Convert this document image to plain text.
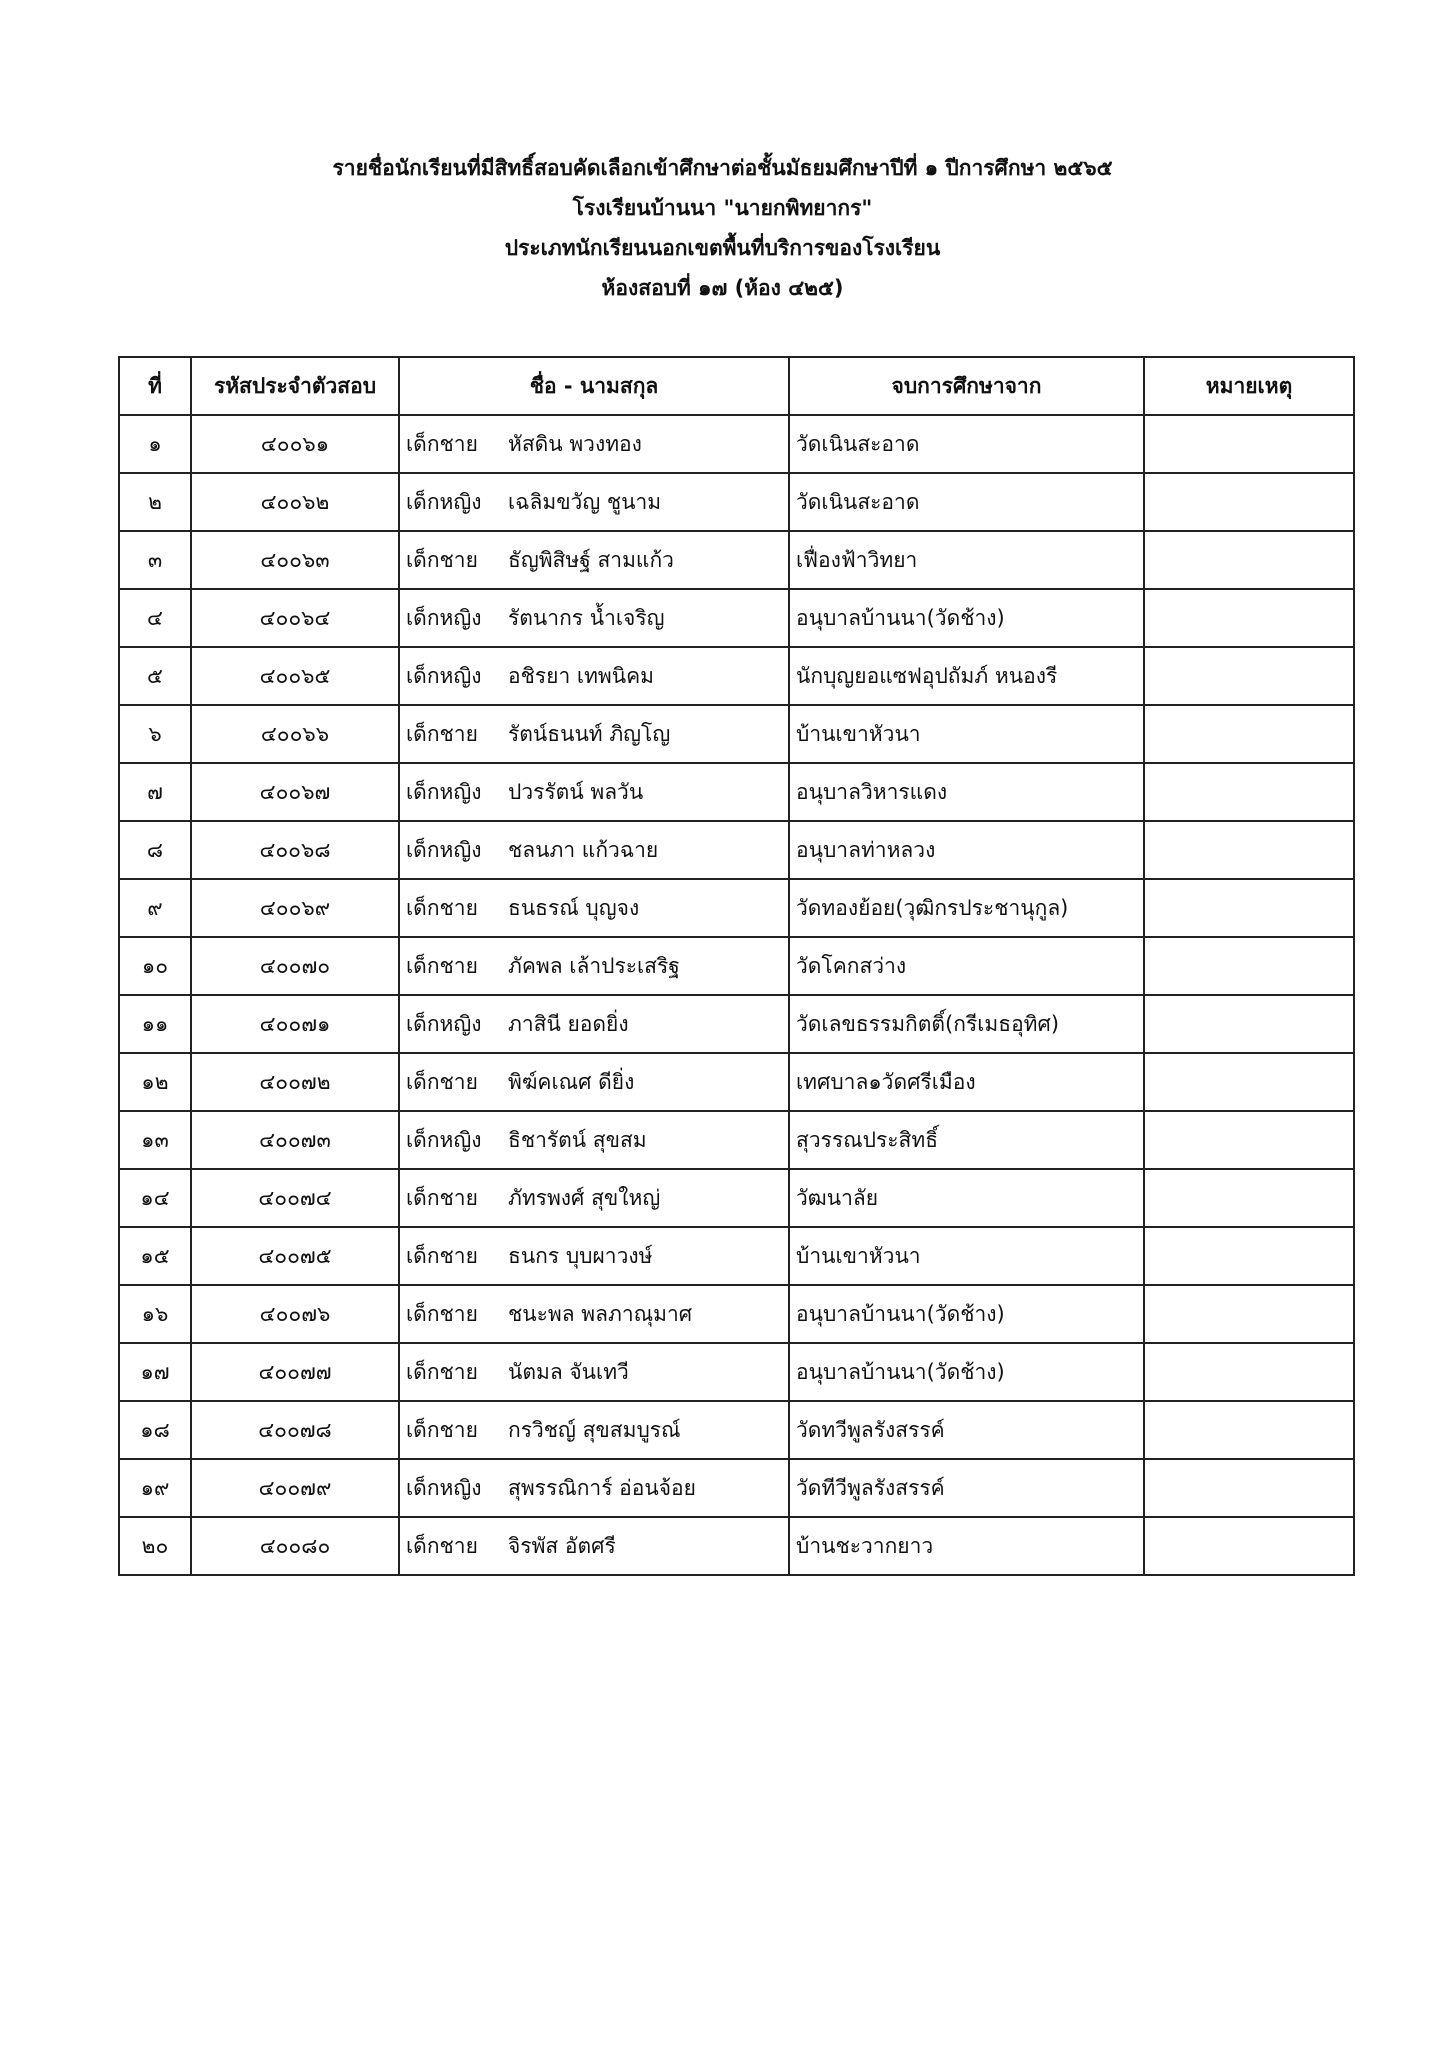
รายชื่อนักเรียนที่มีสิทธิ์สอบคัดเลือกเข้าศึกษาต่อชั้นมัธยมศึกษาปีที่ ๑ ปีการศึกษา ๒๕๖๕
โรงเรียนบ้านนา "นายกพิทยากร"
ประเภทนักเรียนนอกเขตพื้นที่บริการของโรงเรียน
ห้องสอบที่ ๑๗ (ห้อง ๔๒๕)
ที่	รหัสประจำตัวสอบ	ชื่อ - นามสกุล	จบการศึกษาจาก	หมายเหตุ
๑	๔๐๐๖๑	เด็กชาย หัสดิน พวงทอง	วัดเนินสะอาด	
๒	๔๐๐๖๒	เด็กหญิง เฉลิมขวัญ ชูนาม	วัดเนินสะอาด	
๓	๔๐๐๖๓	เด็กชาย ธัญพิสิษฐ์ สามแก้ว	เฟื่องฟ้าวิทยา	
๔	๔๐๐๖๔	เด็กหญิง รัตนากร น้ำเจริญ	อนุบาลบ้านนา(วัดช้าง)	
๕	๔๐๐๖๕	เด็กหญิง อชิรยา เทพนิคม	นักบุญยอแซฟอุปถัมภ์ หนองรี	
๖	๔๐๐๖๖	เด็กชาย รัตน์ธนนท์ ภิญโญ	บ้านเขาหัวนา	
๗	๔๐๐๖๗	เด็กหญิง ปวรรัตน์ พลวัน	อนุบาลวิหารแดง	
๘	๔๐๐๖๘	เด็กหญิง ชลนภา แก้วฉาย	อนุบาลท่าหลวง	
๙	๔๐๐๖๙	เด็กชาย ธนธรณ์ บุญจง	วัดทองย้อย(วุฒิกรประชานุกูล)	
๑๐	๔๐๐๗๐	เด็กชาย ภัคพล เล้าประเสริฐ	วัดโคกสว่าง	
๑๑	๔๐๐๗๑	เด็กหญิง ภาสินี ยอดยิ่ง	วัดเลขธรรมกิตติ์(กรีเมธอุทิศ)	
๑๒	๔๐๐๗๒	เด็กชาย พิฆ์คเณศ ดียิ่ง	เทศบาล๑วัดศรีเมือง	
๑๓	๔๐๐๗๓	เด็กหญิง ธิชารัตน์ สุขสม	สุวรรณประสิทธิ์	
๑๔	๔๐๐๗๔	เด็กชาย ภัทรพงศ์ สุขใหญ่	วัฒนาลัย	
๑๕	๔๐๐๗๕	เด็กชาย ธนกร บุบผาวงษ์	บ้านเขาหัวนา	
๑๖	๔๐๐๗๖	เด็กชาย ชนะพล พลภาณุมาศ	อนุบาลบ้านนา(วัดช้าง)	
๑๗	๔๐๐๗๗	เด็กชาย นัตมล จันเทวี	อนุบาลบ้านนา(วัดช้าง)	
๑๘	๔๐๐๗๘	เด็กชาย กรวิชญ์ สุขสมบูรณ์	วัดทวีพูลรังสรรค์	
๑๙	๔๐๐๗๙	เด็กหญิง สุพรรณิการ์ อ่อนจ้อย	วัดทีวีพูลรังสรรค์	
๒๐	๔๐๐๘๐	เด็กชาย จิรพัส อัตศรี	บ้านชะวากยาว	
